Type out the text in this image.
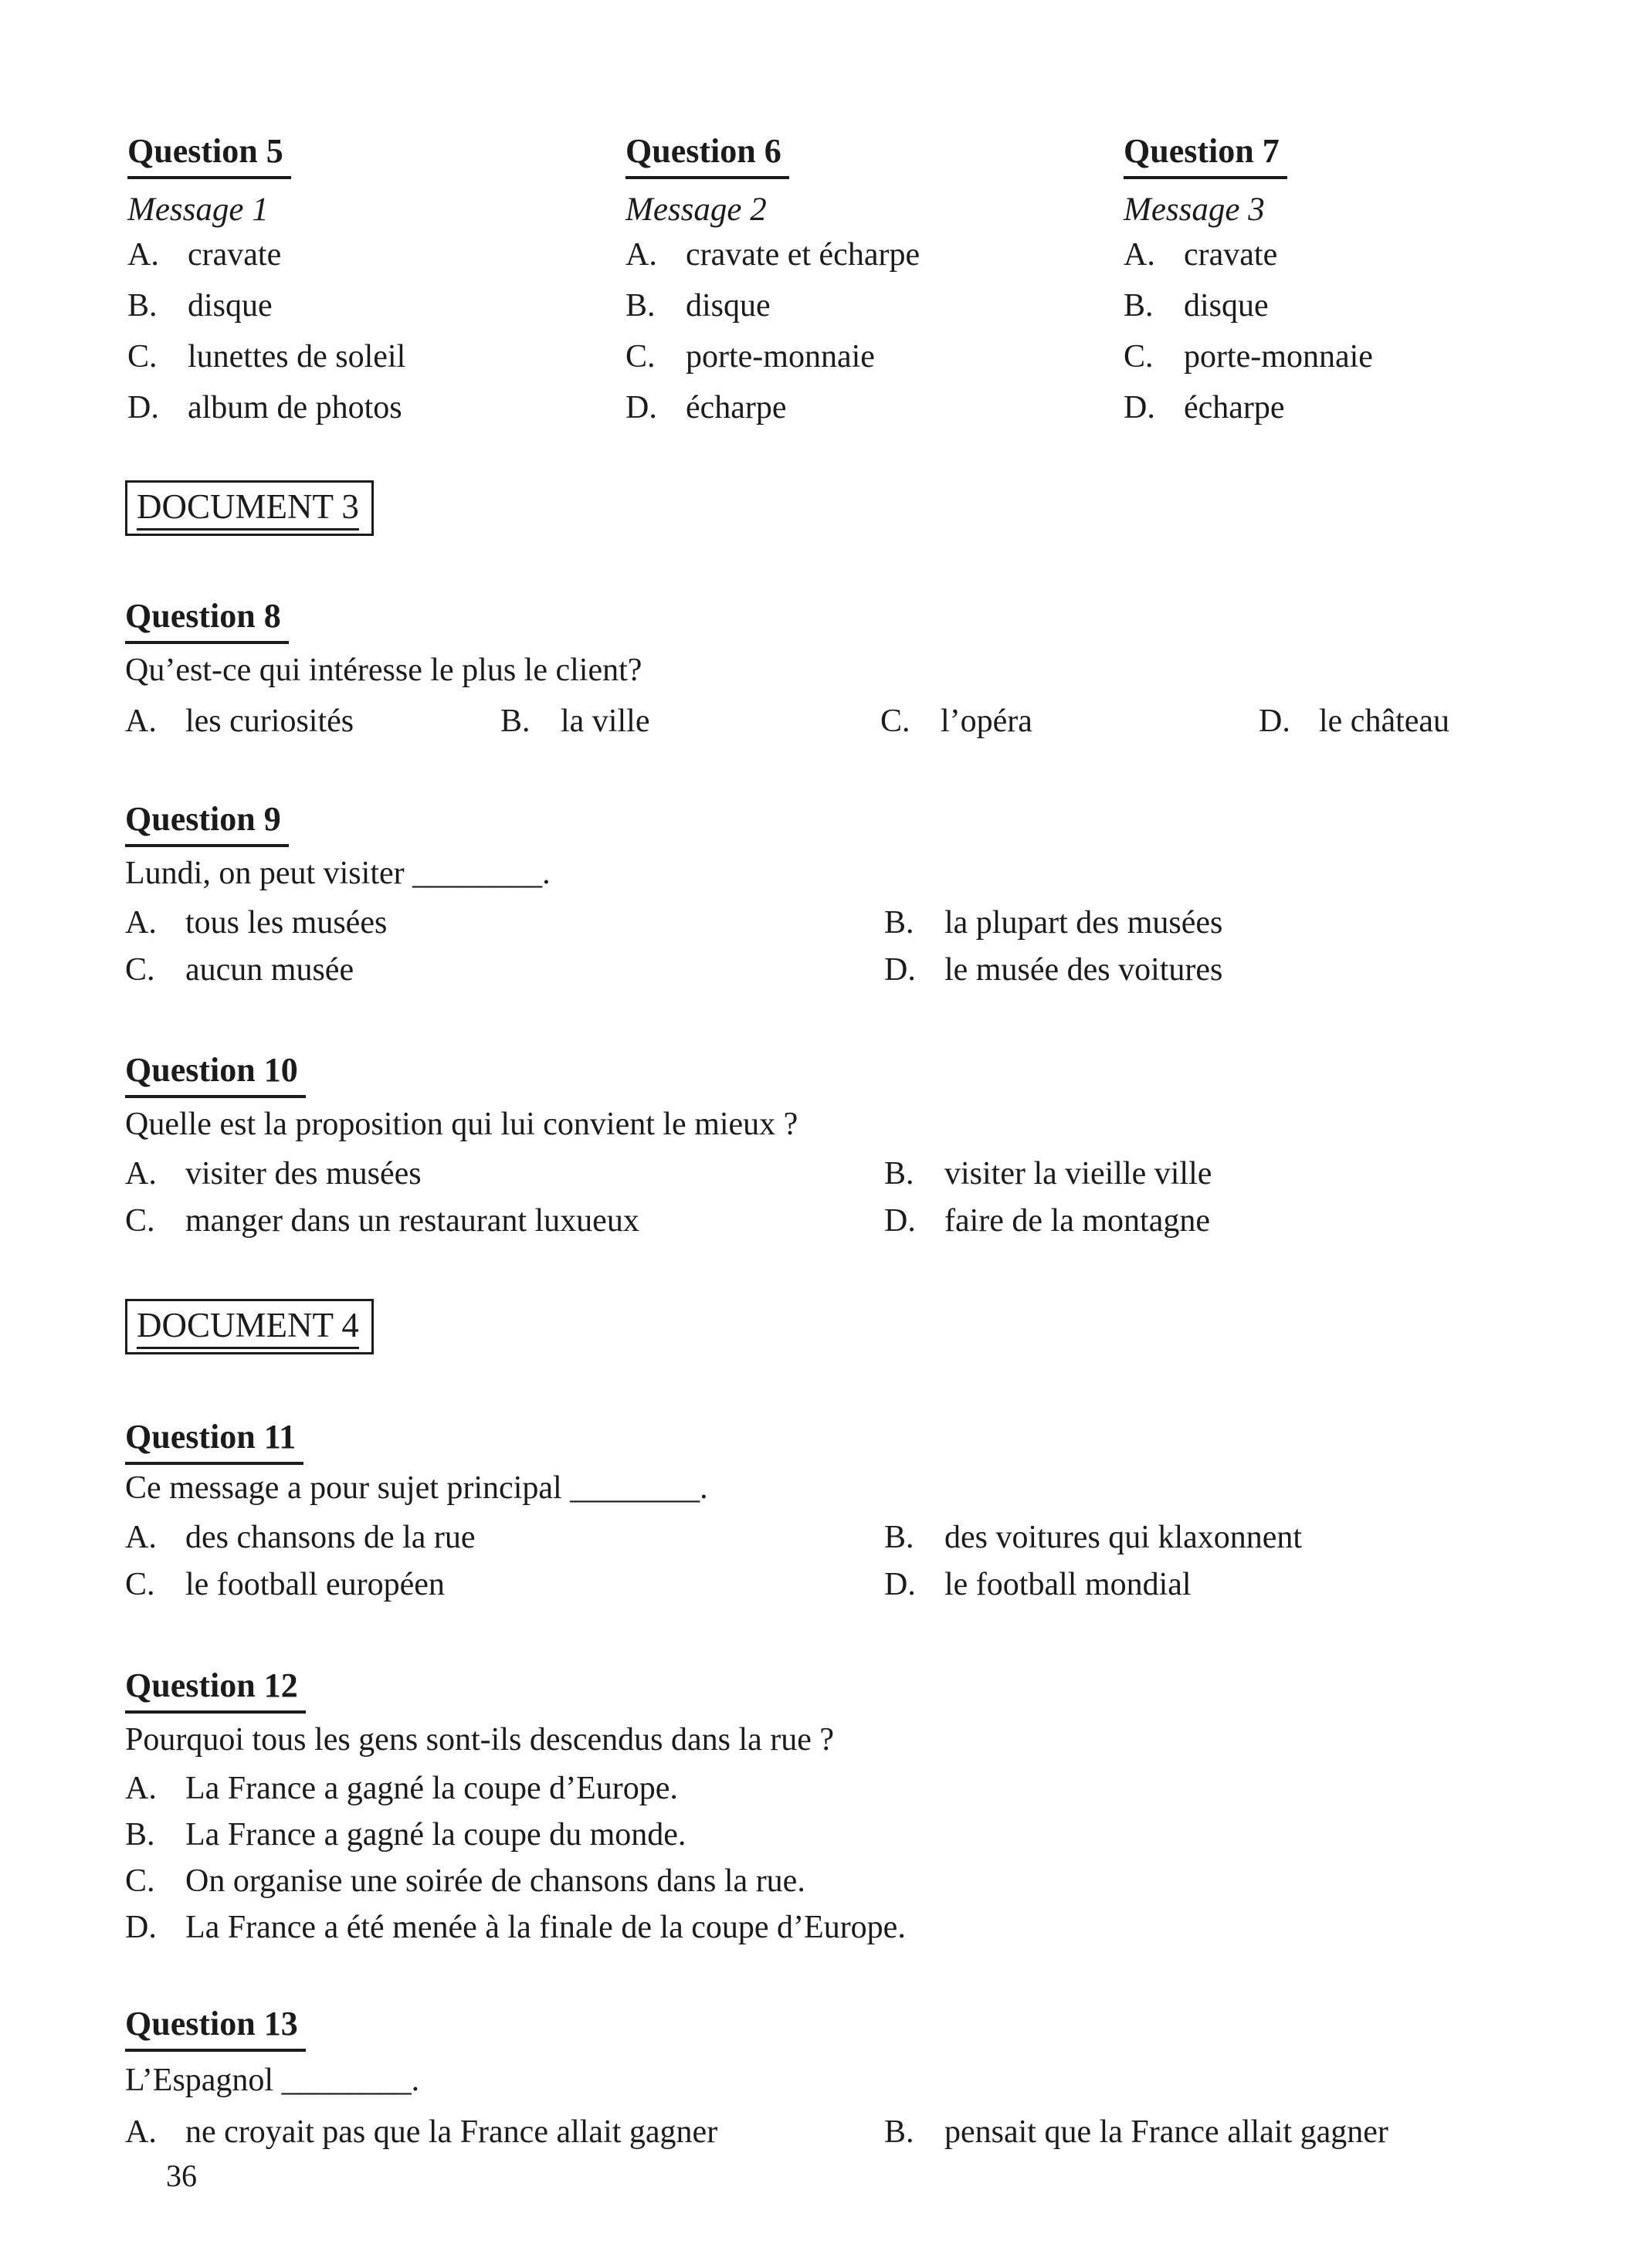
Question 5
Message 1
A. cravate
B. disque
C. lunettes de soleil
D. album de photos
Question 6
Message 2
A. cravate et écharpe
B. disque
C. porte-monnaie
D. écharpe
Question 7
Message 3
A. cravate
B. disque
C. porte-monnaie
D. écharpe
DOCUMENT 3
Question 8
Qu’est-ce qui intéresse le plus le client?
A. les curiosités	B. la ville	C. l’opéra	D. le château
Question 9
Lundi, on peut visiter ________.
A. tous les musées	B. la plupart des musées
C. aucun musée	D. le musée des voitures
Question 10
Quelle est la proposition qui lui convient le mieux ?
A. visiter des musées	B. visiter la vieille ville
C. manger dans un restaurant luxueux	D. faire de la montagne
DOCUMENT 4
Question 11
Ce message a pour sujet principal ________.
A. des chansons de la rue	B. des voitures qui klaxonnent
C. le football européen	D. le football mondial
Question 12
Pourquoi tous les gens sont-ils descendus dans la rue ?
A. La France a gagné la coupe d’Europe.
B. La France a gagné la coupe du monde.
C. On organise une soirée de chansons dans la rue.
D. La France a été menée à la finale de la coupe d’Europe.
Question 13
L’Espagnol ________.
A. ne croyait pas que la France allait gagner	B. pensait que la France allait gagner
36
